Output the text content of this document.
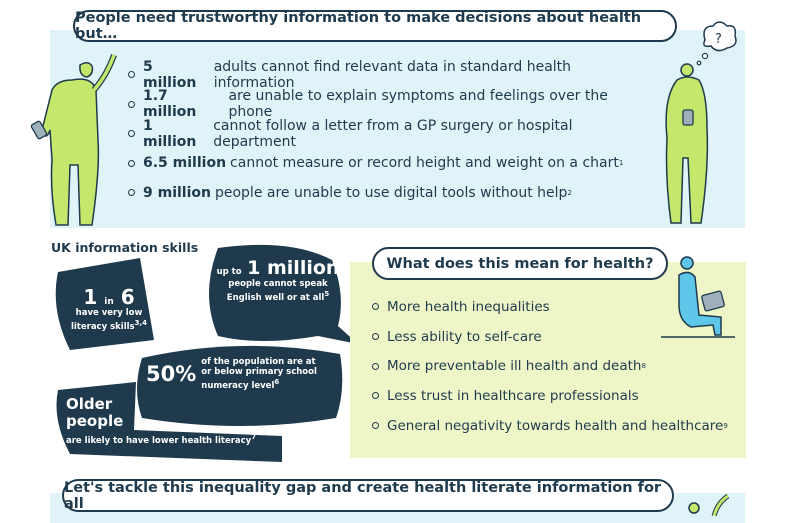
People need trustworthy information to make decisions about health but…
5 million
adults cannot find relevant data in standard health information
1.7 million
are unable to explain symptoms and feelings over the phone
1 million
cannot follow a letter from a GP surgery or hospital department
6.5 million cannot measure or record height and weight on a chart 1
9 million people are unable to use digital tools without help 2
?
UK information skills
1 in 6
have very low
literacy skills$^{3,4}$
up to 1 million
people cannot speak
English well or at all$^5$
50%
of the population are at
or below primary school
numeracy level$^6$
Older
people
are likely to have lower health literacy$^7$
What does this mean for health?
More health inequalities
Less ability to self-care
More preventable ill health and death 8
Less trust in healthcare professionals
General negativity towards health and healthcare 9
Let's tackle this inequality gap and create health literate information for all
